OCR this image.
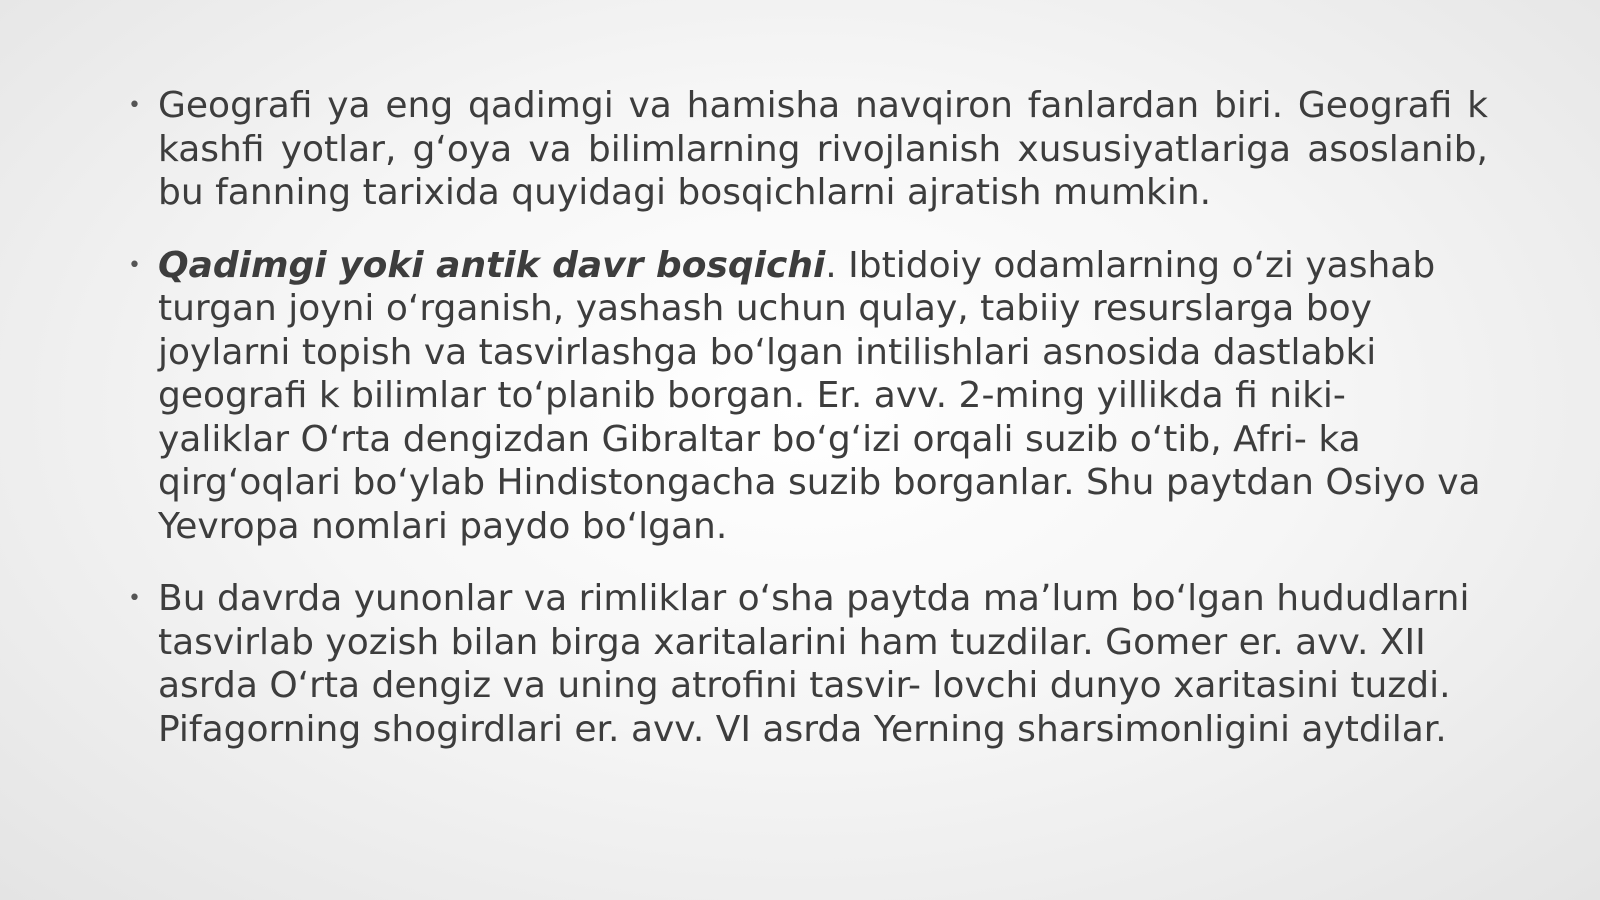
• Geografi ya eng qadimgi va hamisha navqiron fanlardan biri. Geografi k kashfi yotlar, g‘oya va bilimlarning rivojlanish xususiyatlariga asoslanib, bu fanning tarixida quyidagi bosqichlarni ajratish mumkin.
• Qadimgi yoki antik davr bosqichi. Ibtidoiy odamlarning o‘zi yashab turgan joyni o‘rganish, yashash uchun qulay, tabiiy resurslarga boy joylarni topish va tasvirlashga bo‘lgan intilishlari asnosida dastlabki geografi k bilimlar to‘planib borgan. Er. avv. 2-ming yillikda fi niki- yaliklar O‘rta dengizdan Gibraltar bo‘g‘izi orqali suzib o‘tib, Afri- ka qirg‘oqlari bo‘ylab Hindistongacha suzib borganlar. Shu paytdan Osiyo va Yevropa nomlari paydo bo‘lgan.
• Bu davrda yunonlar va rimliklar o‘sha paytda ma’lum bo‘lgan hududlarni tasvirlab yozish bilan birga xaritalarini ham tuzdilar. Gomer er. avv. XII asrda O‘rta dengiz va uning atrofini tasvir- lovchi dunyo xaritasini tuzdi. Pifagorning shogirdlari er. avv. VI asrda Yerning sharsimonligini aytdilar.
